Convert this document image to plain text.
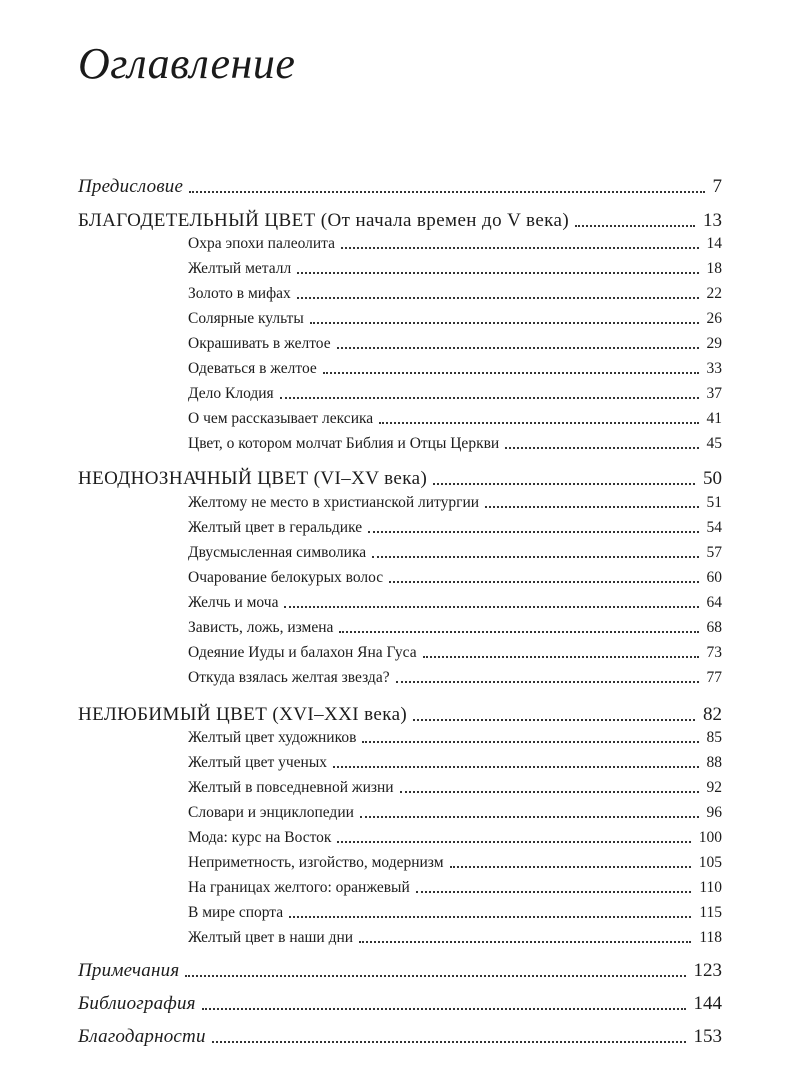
Оглавление
Предисловие	7
БЛАГОДЕТЕЛЬНЫЙ ЦВЕТ (От начала времен до V века)	13
Охра эпохи палеолита	14
Желтый металл	18
Золото в мифах	22
Солярные культы	26
Окрашивать в желтое	29
Одеваться в желтое	33
Дело Клодия	37
О чем рассказывает лексика	41
Цвет, о котором молчат Библия и Отцы Церкви	45
НЕОДНОЗНАЧНЫЙ ЦВЕТ (VI–XV века)	50
Желтому не место в христианской литургии	51
Желтый цвет в геральдике	54
Двусмысленная символика	57
Очарование белокурых волос	60
Желчь и моча	64
Зависть, ложь, измена	68
Одеяние Иуды и балахон Яна Гуса	73
Откуда взялась желтая звезда?	77
НЕЛЮБИМЫЙ ЦВЕТ (XVI–XXI века)	82
Желтый цвет художников	85
Желтый цвет ученых	88
Желтый в повседневной жизни	92
Словари и энциклопедии	96
Мода: курс на Восток	100
Неприметность, изгойство, модернизм	105
На границах желтого: оранжевый	110
В мире спорта	115
Желтый цвет в наши дни	118
Примечания	123
Библиография	144
Благодарности	153
